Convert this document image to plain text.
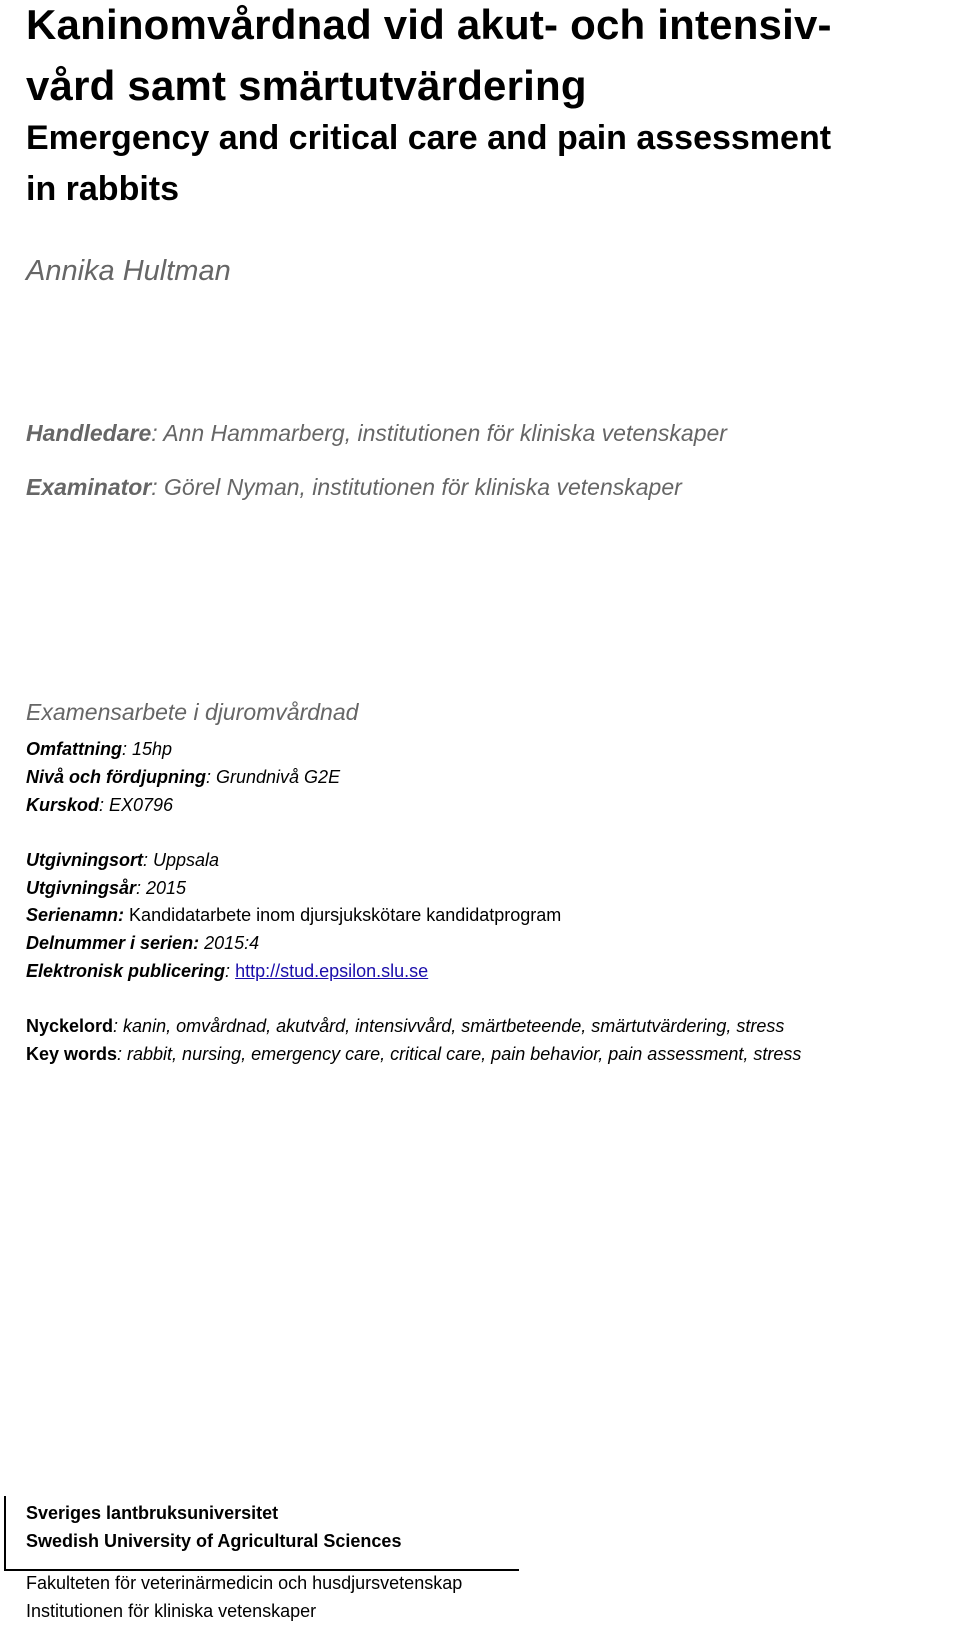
Kaninomvårdnad vid akut- och intensiv-
vård samt smärtutvärdering
Emergency and critical care and pain assessment
in rabbits
Annika Hultman
Handledare: Ann Hammarberg, institutionen för kliniska vetenskaper
Examinator: Görel Nyman, institutionen för kliniska vetenskaper
Examensarbete i djuromvårdnad
Omfattning: 15hp
Nivå och fördjupning: Grundnivå G2E
Kurskod: EX0796
Utgivningsort: Uppsala
Utgivningsår: 2015
Serienamn: Kandidatarbete inom djursjukskötare kandidatprogram
Delnummer i serien: 2015:4
Elektronisk publicering: http://stud.epsilon.slu.se
Nyckelord: kanin, omvårdnad, akutvård, intensivvård, smärtbeteende, smärtutvärdering, stress
Key words: rabbit, nursing, emergency care, critical care, pain behavior, pain assessment, stress
Sveriges lantbruksuniversitet
Swedish University of Agricultural Sciences
Fakulteten för veterinärmedicin och husdjursvetenskap
Institutionen för kliniska vetenskaper
